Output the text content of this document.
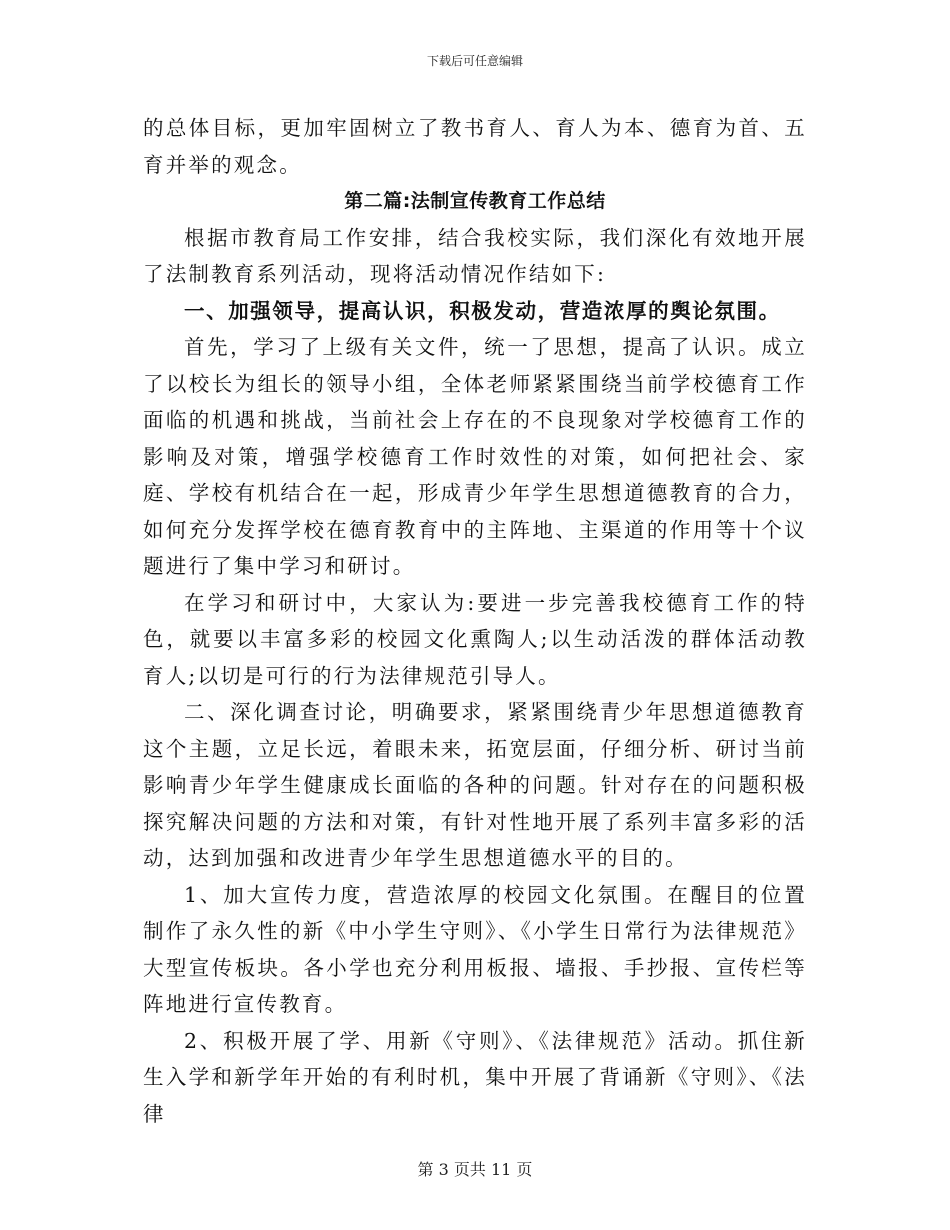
下载后可任意编辑

的总体目标，更加牢固树立了教书育人、育人为本、德育为首、五育并举的观念。

第二篇:法制宣传教育工作总结

根据市教育局工作安排，结合我校实际，我们深化有效地开展了法制教育系列活动，现将活动情况作结如下:

一、加强领导，提高认识，积极发动，营造浓厚的舆论氛围。

首先，学习了上级有关文件，统一了思想，提高了认识。成立了以校长为组长的领导小组，全体老师紧紧围绕当前学校德育工作面临的机遇和挑战，当前社会上存在的不良现象对学校德育工作的影响及对策，增强学校德育工作时效性的对策，如何把社会、家庭、学校有机结合在一起，形成青少年学生思想道德教育的合力，如何充分发挥学校在德育教育中的主阵地、主渠道的作用等十个议题进行了集中学习和研讨。

在学习和研讨中，大家认为:要进一步完善我校德育工作的特色，就要以丰富多彩的校园文化熏陶人;以生动活泼的群体活动教育人;以切是可行的行为法律规范引导人。

二、深化调查讨论，明确要求，紧紧围绕青少年思想道德教育这个主题，立足长远，着眼未来，拓宽层面，仔细分析、研讨当前影响青少年学生健康成长面临的各种的问题。针对存在的问题积极探究解决问题的方法和对策，有针对性地开展了系列丰富多彩的活动，达到加强和改进青少年学生思想道德水平的目的。

1、加大宣传力度，营造浓厚的校园文化氛围。在醒目的位置制作了永久性的新《中小学生守则》、《小学生日常行为法律规范》大型宣传板块。各小学也充分利用板报、墙报、手抄报、宣传栏等阵地进行宣传教育。

2、积极开展了学、用新《守则》、《法律规范》活动。抓住新生入学和新学年开始的有利时机，集中开展了背诵新《守则》、《法律

第 3 页共 11 页
